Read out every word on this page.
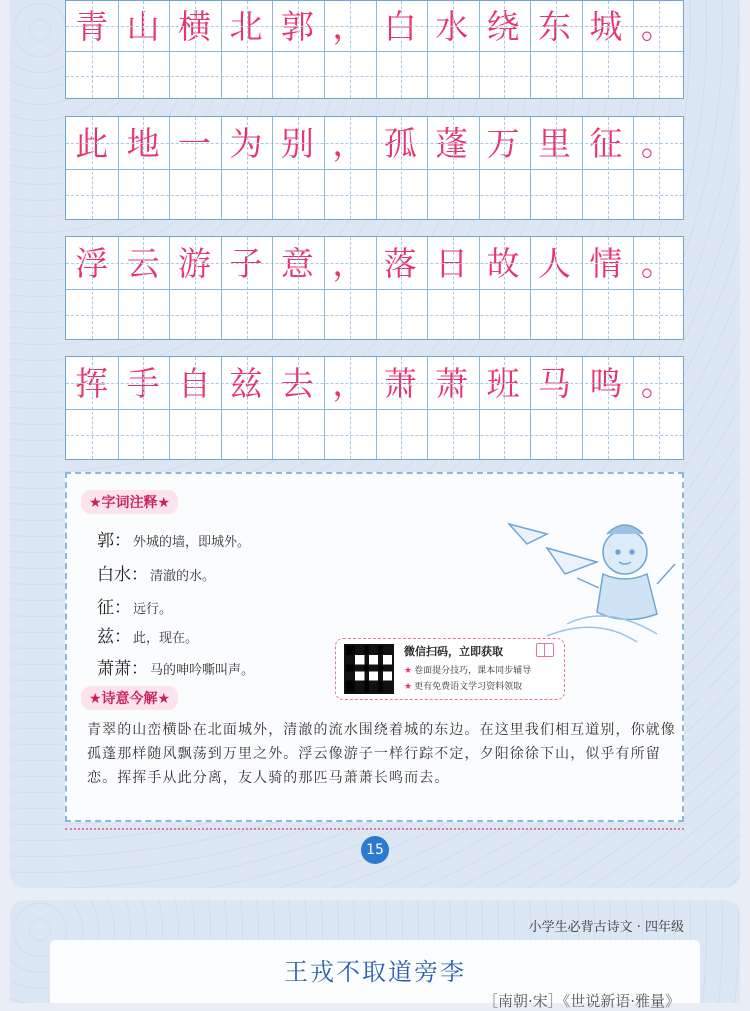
青 山 横 北 郭 ， 白 水 绕 东 城 。
此 地 一 为 别 ， 孤 蓬 万 里 征 。
浮 云 游 子 意 ， 落 日 故 人 情 。
挥 手 自 兹 去 ， 萧 萧 班 马 鸣 。
★字词注释★
郭： 外城的墙，即城外。
白水： 清澈的水。
征： 远行。
兹： 此，现在。
萧萧： 马的呻吟嘶叫声。
★诗意今解★
青翠的山峦横卧在北面城外，清澈的流水围绕着城的东边。在这里我们相互道别，你就像孤蓬那样随风飘荡到万里之外。浮云像游子一样行踪不定，夕阳徐徐下山，似乎有所留恋。挥挥手从此分离，友人骑的那匹马萧萧长鸣而去。
微信扫码，立即获取
★ 卷面提分技巧，课本同步辅导
★ 更有免费语文学习资料领取
15
小学生必背古诗文 · 四年级
王戎不取道旁李
［南朝·宋］《世说新语·雅量》
